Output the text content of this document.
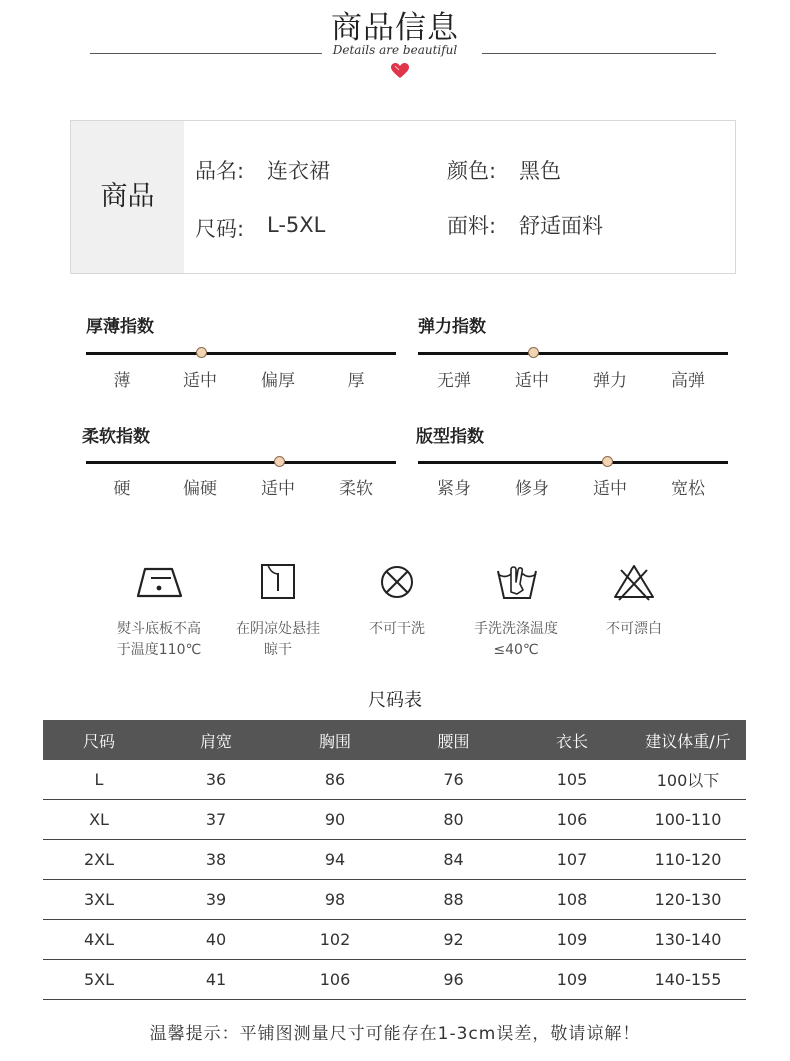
商品信息
Details are beautiful
商品
品名: 连衣裙	颜色: 黑色
尺码: L-5XL	面料: 舒适面料
厚薄指数
薄	适中	偏厚	厚
弹力指数
无弹	适中	弹力	高弹
柔软指数
硬	偏硬	适中	柔软
版型指数
紧身	修身	适中	宽松
熨斗底板不高
于温度110℃
在阴凉处悬挂
晾干
不可干洗	手洗洗涤温度
≤40℃
不可漂白
尺码表
尺码	肩宽	胸围	腰围	衣长	建议体重/斤
L	36	86	76	105	100以下
XL	37	90	80	106	100-110
2XL	38	94	84	107	110-120
3XL	39	98	88	108	120-130
4XL	40	102	92	109	130-140
5XL	41	106	96	109	140-155
温馨提示：平铺图测量尺寸可能存在1-3cm误差，敬请谅解！
